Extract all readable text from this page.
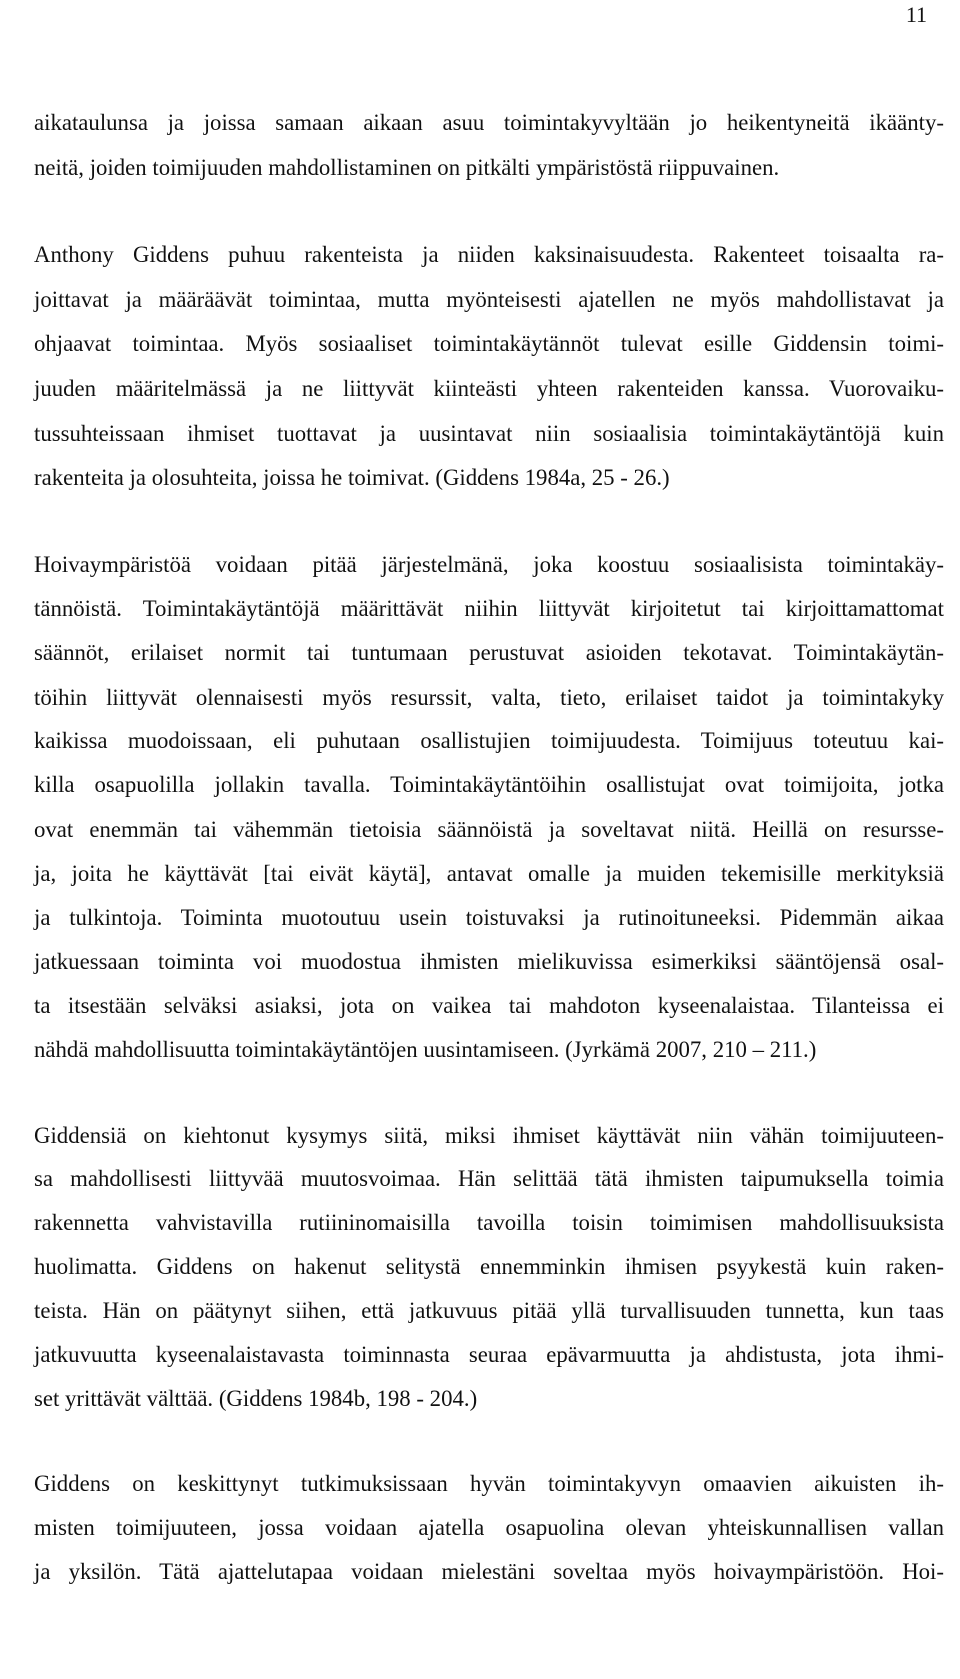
11
aikataulunsa ja joissa samaan aikaan asuu toimintakyvyltään jo heikentyneitä ikäänty-
neitä, joiden toimijuuden mahdollistaminen on pitkälti ympäristöstä riippuvainen.
Anthony Giddens puhuu rakenteista ja niiden kaksinaisuudesta. Rakenteet toisaalta ra-
joittavat ja määräävät toimintaa, mutta myönteisesti ajatellen ne myös mahdollistavat ja
ohjaavat toimintaa. Myös sosiaaliset toimintakäytännöt tulevat esille Giddensin toimi-
juuden määritelmässä ja ne liittyvät kiinteästi yhteen rakenteiden kanssa. Vuorovaiku-
tussuhteissaan ihmiset tuottavat ja uusintavat niin sosiaalisia toimintakäytäntöjä kuin
rakenteita ja olosuhteita, joissa he toimivat. (Giddens 1984a, 25 - 26.)
Hoivaympäristöä voidaan pitää järjestelmänä, joka koostuu sosiaalisista toimintakäy-
tännöistä. Toimintakäytäntöjä määrittävät niihin liittyvät kirjoitetut tai kirjoittamattomat
säännöt, erilaiset normit tai tuntumaan perustuvat asioiden tekotavat. Toimintakäytän-
töihin liittyvät olennaisesti myös resurssit, valta, tieto, erilaiset taidot ja toimintakyky
kaikissa muodoissaan, eli puhutaan osallistujien toimijuudesta. Toimijuus toteutuu kai-
killa osapuolilla jollakin tavalla. Toimintakäytäntöihin osallistujat ovat toimijoita, jotka
ovat enemmän tai vähemmän tietoisia säännöistä ja soveltavat niitä. Heillä on resursse-
ja, joita he käyttävät [tai eivät käytä], antavat omalle ja muiden tekemisille merkityksiä
ja tulkintoja. Toiminta muotoutuu usein toistuvaksi ja rutinoituneeksi. Pidemmän aikaa
jatkuessaan toiminta voi muodostua ihmisten mielikuvissa esimerkiksi sääntöjensä osal-
ta itsestään selväksi asiaksi, jota on vaikea tai mahdoton kyseenalaistaa. Tilanteissa ei
nähdä mahdollisuutta toimintakäytäntöjen uusintamiseen. (Jyrkämä 2007, 210 – 211.)
Giddensiä on kiehtonut kysymys siitä, miksi ihmiset käyttävät niin vähän toimijuuteen-
sa mahdollisesti liittyvää muutosvoimaa. Hän selittää tätä ihmisten taipumuksella toimia
rakennetta vahvistavilla rutiininomaisilla tavoilla toisin toimimisen mahdollisuuksista
huolimatta. Giddens on hakenut selitystä ennemminkin ihmisen psyykestä kuin raken-
teista. Hän on päätynyt siihen, että jatkuvuus pitää yllä turvallisuuden tunnetta, kun taas
jatkuvuutta kyseenalaistavasta toiminnasta seuraa epävarmuutta ja ahdistusta, jota ihmi-
set yrittävät välttää. (Giddens 1984b, 198 - 204.)
Giddens on keskittynyt tutkimuksissaan hyvän toimintakyvyn omaavien aikuisten ih-
misten toimijuuteen, jossa voidaan ajatella osapuolina olevan yhteiskunnallisen vallan
ja yksilön. Tätä ajattelutapaa voidaan mielestäni soveltaa myös hoivaympäristöön. Hoi-
